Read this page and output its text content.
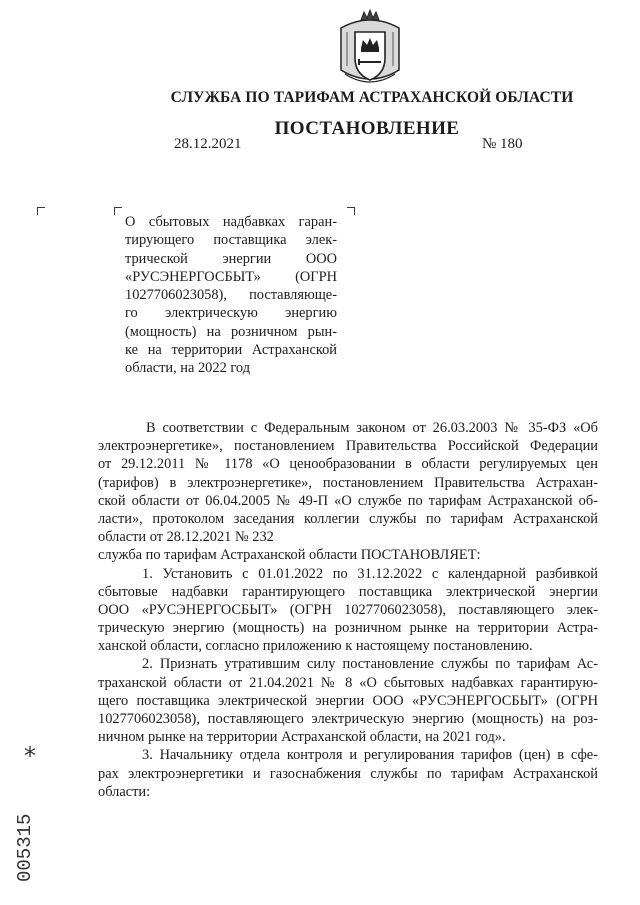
СЛУЖБА ПО ТАРИФАМ АСТРАХАНСКОЙ ОБЛАСТИ
ПОСТАНОВЛЕНИЕ
28.12.2021	№ 180
О сбытовых надбавках гаран-
тирующего поставщика элек-
трической энергии ООО
«РУСЭНЕРГОСБЫТ» (ОГРН
1027706023058), поставляюще-
го электрическую энергию
(мощность) на розничном рын-
ке на территории Астраханской
области, на 2022 год
В соответствии с Федеральным законом от 26.03.2003 № 35-ФЗ «Об
электроэнергетике», постановлением Правительства Российской Федерации
от 29.12.2011 № 1178 «О ценообразовании в области регулируемых цен
(тарифов) в электроэнергетике», постановлением Правительства Астрахан-
ской области от 06.04.2005 № 49-П «О службе по тарифам Астраханской об-
ласти», протоколом заседания коллегии службы по тарифам Астраханской
области от 28.12.2021 № 232
служба по тарифам Астраханской области ПОСТАНОВЛЯЕТ:
1. Установить с 01.01.2022 по 31.12.2022 с календарной разбивкой
сбытовые надбавки гарантирующего поставщика электрической энергии
ООО «РУСЭНЕРГОСБЫТ» (ОГРН 1027706023058), поставляющего элек-
трическую энергию (мощность) на розничном рынке на территории Астра-
ханской области, согласно приложению к настоящему постановлению.
2. Признать утратившим силу постановление службы по тарифам Ас-
траханской области от 21.04.2021 № 8 «О сбытовых надбавках гарантирую-
щего поставщика электрической энергии ООО «РУСЭНЕРГОСБЫТ» (ОГРН
1027706023058), поставляющего электрическую энергию (мощность) на роз-
ничном рынке на территории Астраханской области, на 2021 год».
3. Начальнику отдела контроля и регулирования тарифов (цен) в сфе-
рах электроэнергетики и газоснабжения службы по тарифам Астраханской
области:
*
005315
